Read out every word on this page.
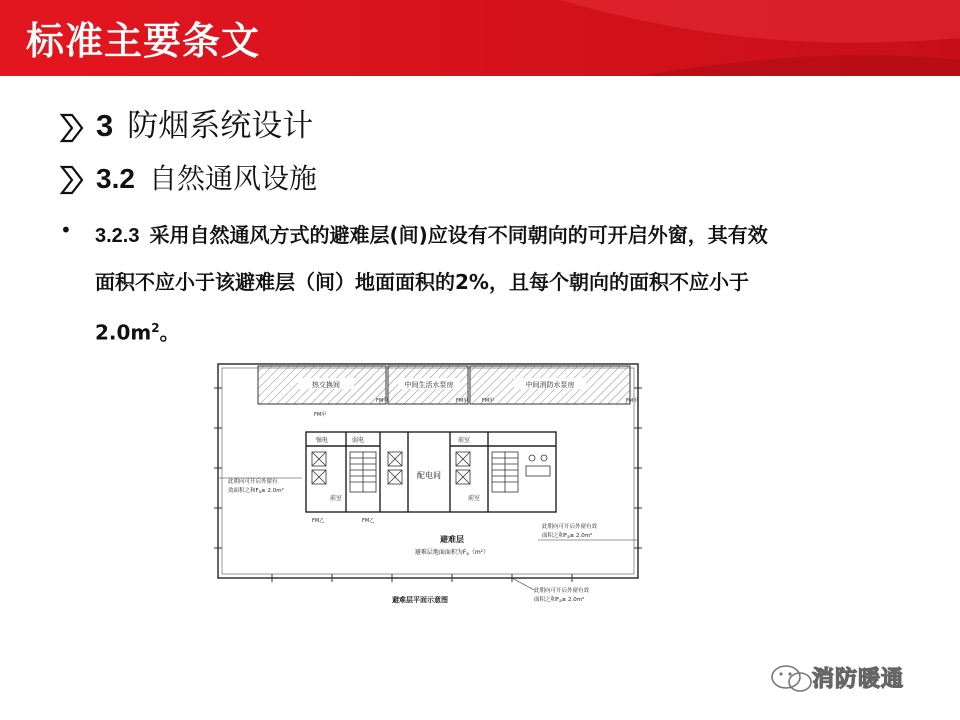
标准主要条文
3 防烟系统设计
3.2 自然通风设施
• 3.2.3 采用自然通风方式的避难层(间)应设有不同朝向的可开启外窗，其有效
面积不应小于该避难层（间）地面面积的2%，且每个朝向的面积不应小于
$2.0m^2$。
热交换间	中间生活水泵房	中间消防水泵房
FM甲
FM甲	FM甲	FM甲	FM甲
强电	弱电
配电间
前室
前室
前室
FM乙	FM乙
避难层
避难层地面面积为Fa（m²）
此朝向可开启外窗有
效面积之和Fa≥ 2.0m²
此朝向可开启外窗有效
面积之和Fa≥ 2.0m²
此朝向可开启外窗有效
面积之和Fa≥ 2.0m²
避难层平面示意图
消防暖通
